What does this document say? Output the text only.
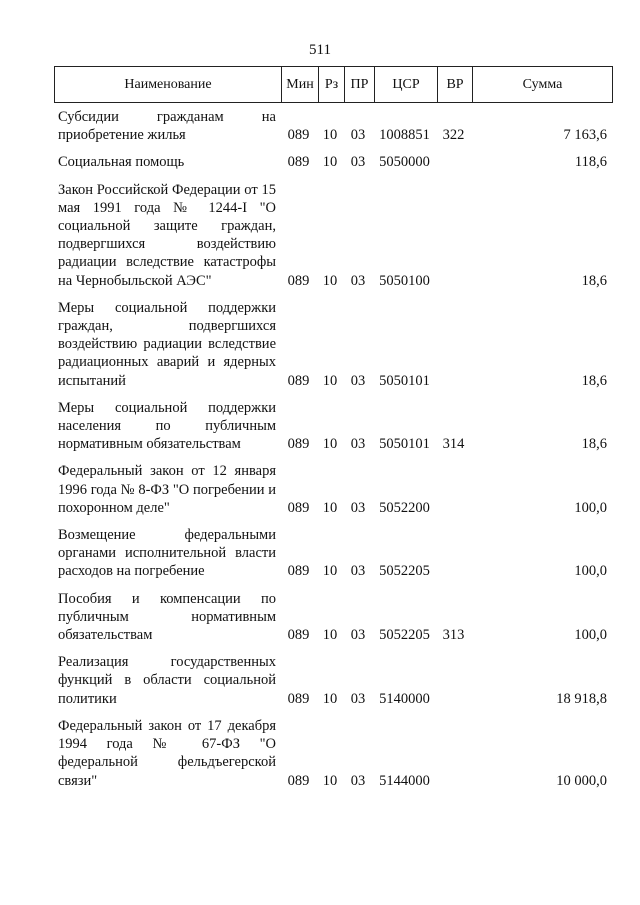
511
Наименование	Мин Рз ПР	ЦСР	ВР	Сумма
Субсидии гражданам на приобретение жилья	089 10 03 1008851 322	7 163,6
Социальная помощь	089 10 03 5050000	118,6
Закон Российской Федерации от 15 мая 1991 года № 1244-I "О социальной защите граждан, подвергшихся воздействию радиации вследствие катастрофы на Чернобыльской АЭС"	089 10 03 5050100	18,6
Меры социальной поддержки граждан, подвергшихся воздействию радиации вследствие радиационных аварий и ядерных испытаний	089 10 03 5050101	18,6
Меры социальной поддержки населения по публичным нормативным обязательствам	089 10 03 5050101 314	18,6
Федеральный закон от 12 января 1996 года № 8-ФЗ "О погребении и похоронном деле"	089 10 03 5052200	100,0
Возмещение федеральными органами исполнительной власти расходов на погребение	089 10 03 5052205	100,0
Пособия и компенсации по публичным нормативным обязательствам	089 10 03 5052205 313	100,0
Реализация государственных функций в области социальной политики	089 10 03 5140000	18 918,8
Федеральный закон от 17 декабря 1994 года № 67-ФЗ "О федеральной фельдъегерской связи"	089 10 03 5144000	10 000,0
